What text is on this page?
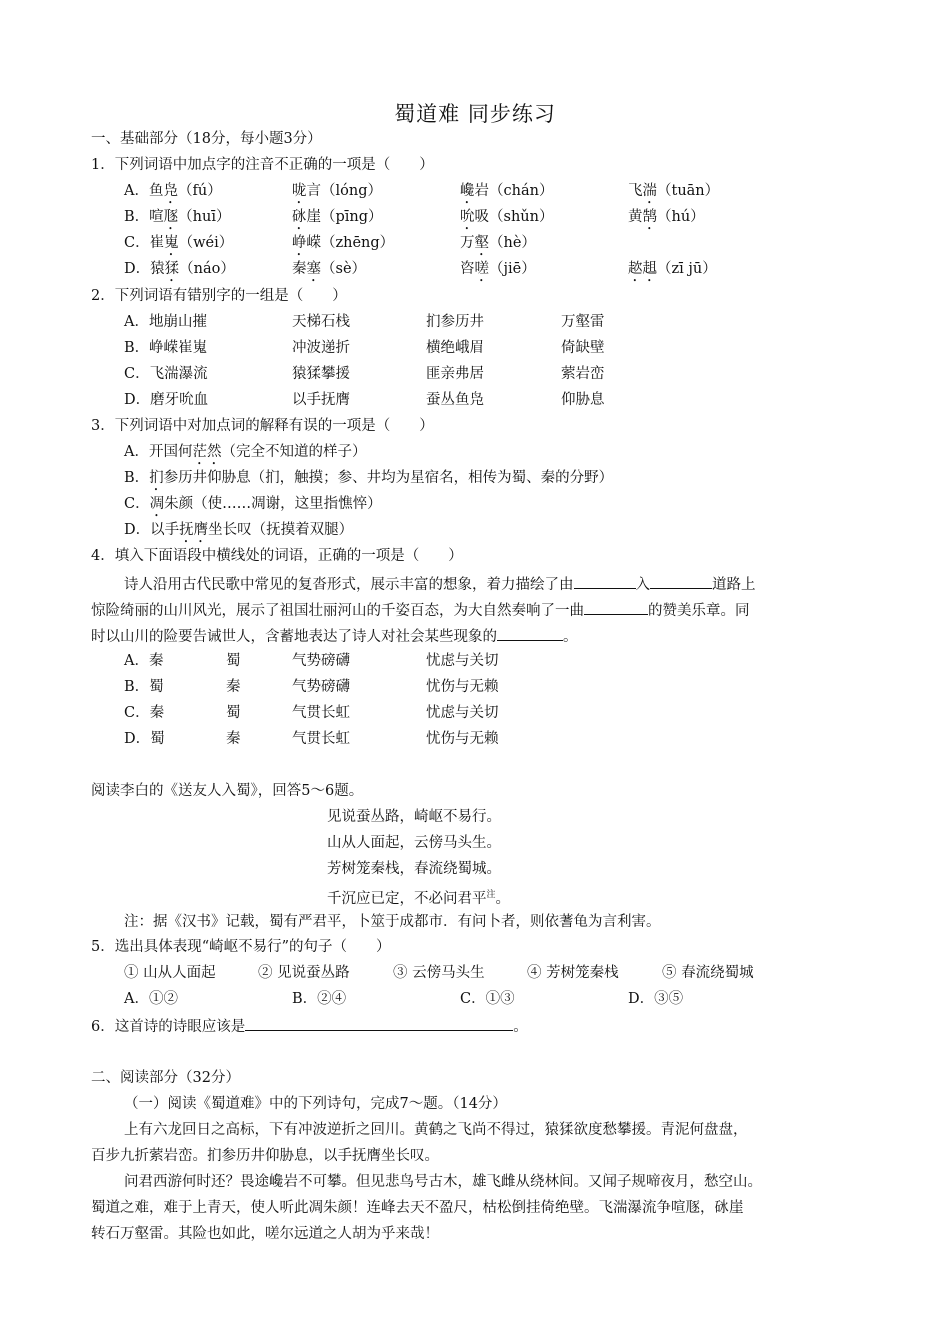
蜀道难 同步练习
一、基础部分（18分，每小题3分）
1．下列词语中加点字的注音不正确的一项是（　　）
A．鱼凫（fú）	咙言（lóng）	巉岩（chán）	飞湍（tuān）
B．喧豗（huī）	砯崖（pīng）	吮吸（shǔn）	黄鹄（hú）
C．崔嵬（wéi）	峥嵘（zhēng）	万壑（hè）
D．猿猱（náo）	秦塞（sè）	咨嗟（jiē）	趑趄（zī jū）
2．下列词语有错别字的一组是（　　）
A．地崩山摧	天梯石栈	扪参历井	万壑雷
B．峥嵘崔嵬	冲波递折	横绝峨眉	倚缺壁
C．飞湍瀑流	猿猱攀援	匪亲弗居	萦岩峦
D．磨牙吮血	以手抚膺	蚕丛鱼凫	仰胁息
3．下列词语中对加点词的解释有误的一项是（　　）
A．开国何茫然（完全不知道的样子）
B．扪参历井仰胁息（扪，触摸；参、井均为星宿名，相传为蜀、秦的分野）
C．凋朱颜（使……凋谢，这里指憔悴）
D．以手抚膺坐长叹（抚摸着双腿）
4．填入下面语段中横线处的词语，正确的一项是（　　）
诗人沿用古代民歌中常见的复沓形式，展示丰富的想象，着力描绘了由	入	道路上
惊险绮丽的山川风光，展示了祖国壮丽河山的千姿百态，为大自然奏响了一曲	的赞美乐章。同
时以山川的险要告诫世人，含蓄地表达了诗人对社会某些现象的	。
A．秦	蜀	气势磅礴	忧虑与关切
B．蜀	秦	气势磅礴	忧伤与无赖
C．秦	蜀	气贯长虹	忧虑与关切
D．蜀	秦	气贯长虹	忧伤与无赖
阅读李白的《送友人入蜀》，回答5～6题。
见说蚕丛路，崎岖不易行。
山从人面起，云傍马头生。
芳树笼秦栈，春流绕蜀城。
千沉应已定，不必问君平$^注$。
注：据《汉书》记载，蜀有严君平，卜筮于成都市．有问卜者，则依蓍龟为言利害。
5．选出具体表现“崎岖不易行”的句子（　　）
① 山从人面起	② 见说蚕丛路	③ 云傍马头生	④ 芳树笼秦栈	⑤ 春流绕蜀城
A．①②	B．②④	C．①③	D．③⑤
6．这首诗的诗眼应该是	。
二、阅读部分（32分）
（一）阅读《蜀道难》中的下列诗句，完成7～题。（14分）
上有六龙回日之高标，下有冲波逆折之回川。黄鹤之飞尚不得过，猿猱欲度愁攀援。青泥何盘盘，
百步九折萦岩峦。扪参历井仰胁息，以手抚膺坐长叹。
问君西游何时还？畏途巉岩不可攀。但见悲鸟号古木，雄飞雌从绕林间。又闻子规啼夜月，愁空山。
蜀道之难，难于上青天，使人听此凋朱颜！连峰去天不盈尺，枯松倒挂倚绝壁。飞湍瀑流争喧豗，砯崖
转石万壑雷。其险也如此，嗟尔远道之人胡为乎来哉！
